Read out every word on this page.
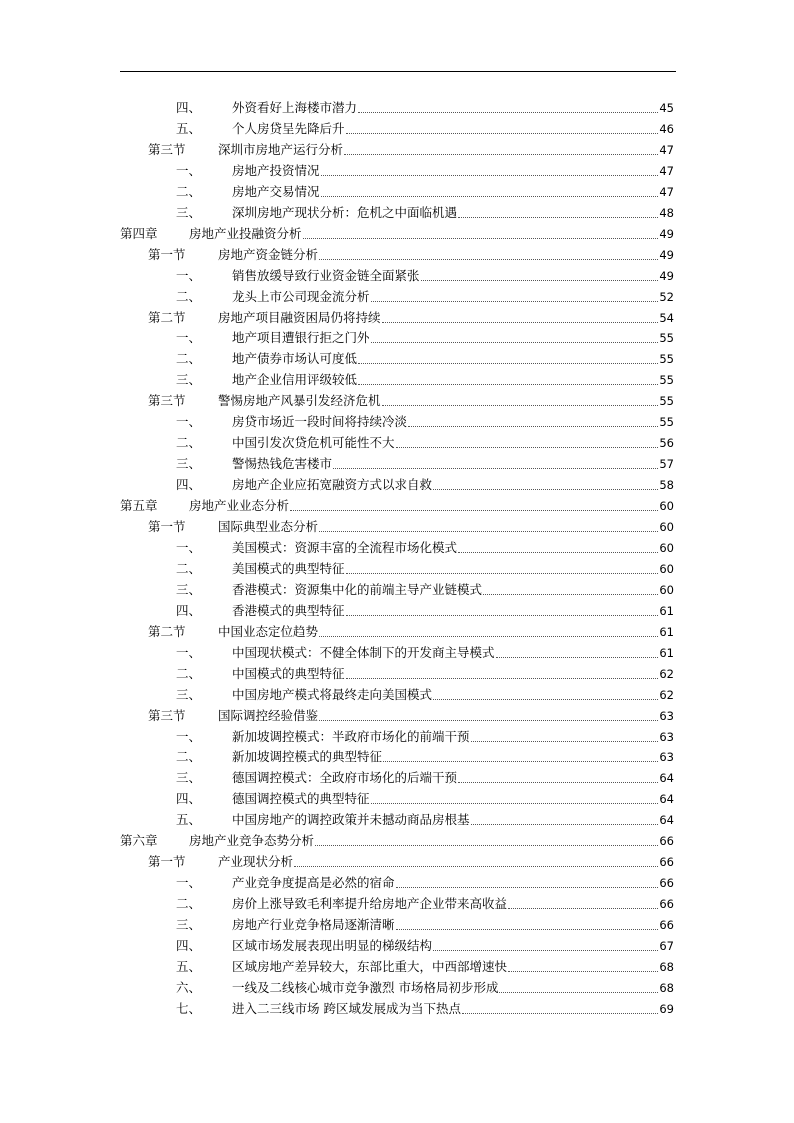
四、	外资看好上海楼市潜力	45
五、	个人房贷呈先降后升	46
第三节	深圳市房地产运行分析	47
一、	房地产投资情况	47
二、	房地产交易情况	47
三、	深圳房地产现状分析：危机之中面临机遇	48
第四章	房地产业投融资分析	49
第一节	房地产资金链分析	49
一、	销售放缓导致行业资金链全面紧张	49
二、	龙头上市公司现金流分析	52
第二节	房地产项目融资困局仍将持续	54
一、	地产项目遭银行拒之门外	55
二、	地产债券市场认可度低	55
三、	地产企业信用评级较低	55
第三节	警惕房地产风暴引发经济危机	55
一、	房贷市场近一段时间将持续冷淡	55
二、	中国引发次贷危机可能性不大	56
三、	警惕热钱危害楼市	57
四、	房地产企业应拓宽融资方式以求自救	58
第五章	房地产业业态分析	60
第一节	国际典型业态分析	60
一、	美国模式：资源丰富的全流程市场化模式	60
二、	美国模式的典型特征	60
三、	香港模式：资源集中化的前端主导产业链模式	60
四、	香港模式的典型特征	61
第二节	中国业态定位趋势	61
一、	中国现状模式：不健全体制下的开发商主导模式	61
二、	中国模式的典型特征	62
三、	中国房地产模式将最终走向美国模式	62
第三节	国际调控经验借鉴	63
一、	新加坡调控模式：半政府市场化的前端干预	63
二、	新加坡调控模式的典型特征	63
三、	德国调控模式：全政府市场化的后端干预	64
四、	德国调控模式的典型特征	64
五、	中国房地产的调控政策并未撼动商品房根基	64
第六章	房地产业竞争态势分析	66
第一节	产业现状分析	66
一、	产业竞争度提高是必然的宿命	66
二、	房价上涨导致毛利率提升给房地产企业带来高收益	66
三、	房地产行业竞争格局逐渐清晰	66
四、	区域市场发展表现出明显的梯级结构	67
五、	区域房地产差异较大，东部比重大，中西部增速快	68
六、	一线及二线核心城市竞争激烈 市场格局初步形成	68
七、	进入二三线市场 跨区域发展成为当下热点	69
